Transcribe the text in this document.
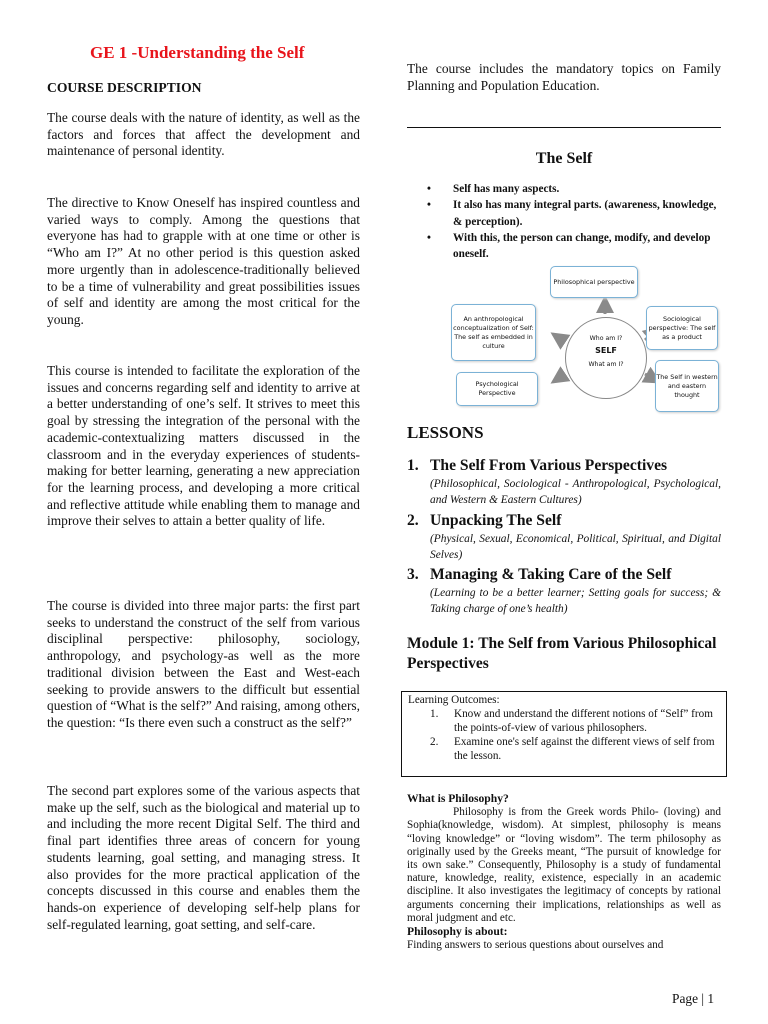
GE 1 -Understanding the Self

COURSE DESCRIPTION

The course deals with the nature of identity, as well as the factors and forces that affect the development and maintenance of personal identity.

The directive to Know Oneself has inspired countless and varied ways to comply. Among the questions that everyone has had to grapple with at one time or other is “Who am I?” At no other period is this question asked more urgently than in adolescence-traditionally believed to be a time of vulnerability and great possibilities issues of self and identity are among the most critical for the young.

This course is intended to facilitate the exploration of the issues and concerns regarding self and identity to arrive at a better understanding of one’s self. It strives to meet this goal by stressing the integration of the personal with the academic-contextualizing matters discussed in the classroom and in the everyday experiences of students-making for better learning, generating a new appreciation for the learning process, and developing a more critical and reflective attitude while enabling them to manage and improve their selves to attain a better quality of life.

The course is divided into three major parts: the first part seeks to understand the construct of the self from various disciplinal perspective: philosophy, sociology, anthropology, and psychology-as well as the more traditional division between the East and West-each seeking to provide answers to the difficult but essential question of “What is the self?” And raising, among others, the question: “Is there even such a construct as the self?”

The second part explores some of the various aspects that make up the self, such as the biological and material up to and including the more recent Digital Self. The third and final part identifies three areas of concern for young students learning, goal setting, and managing stress. It also provides for the more practical application of the concepts discussed in this course and enables them the hands-on experience of developing self-help plans for self-regulated learning, goat setting, and self-care.

The course includes the mandatory topics on Family Planning and Population Education.

The Self

• Self has many aspects.
• It also has many integral parts. (awareness, knowledge, & perception).
• With this, the person can change, modify, and develop oneself.
Who am I?
SELF
What am I?
Philosophical perspective
Sociological perspective: The self as a product
The Self in western and eastern thought
Psychological Perspective
An anthropological conceptualization of Self: The self as embedded in culture

LESSONS

1. The Self From Various Perspectives

(Philosophical, Sociological - Anthropological, Psychological, and Western & Eastern Cultures)

2. Unpacking The Self

(Physical, Sexual, Economical, Political, Spiritual, and Digital Selves)

3. Managing & Taking Care of the Self

(Learning to be a better learner; Setting goals for success; & Taking charge of one’s health)

Module 1: The Self from Various Philosophical Perspectives

Learning Outcomes:
1. Know and understand the different notions of “Self” from the points-of-view of various philosophers.
2. Examine one's self against the different views of self from the lesson.
What is Philosophy?

Philosophy is from the Greek words Philo- (loving) and Sophia(knowledge, wisdom). At simplest, philosophy is means “loving knowledge” or “loving wisdom”. The term philosophy as originally used by the Greeks meant, “The pursuit of knowledge for its own sake.” Consequently, Philosophy is a study of fundamental nature, knowledge, reality, existence, especially in an academic discipline. It also investigates the legitimacy of concepts by rational arguments concerning their implications, relationships as well as moral judgment and etc.

Philosophy is about:

Finding answers to serious questions about ourselves and

Page | 1
